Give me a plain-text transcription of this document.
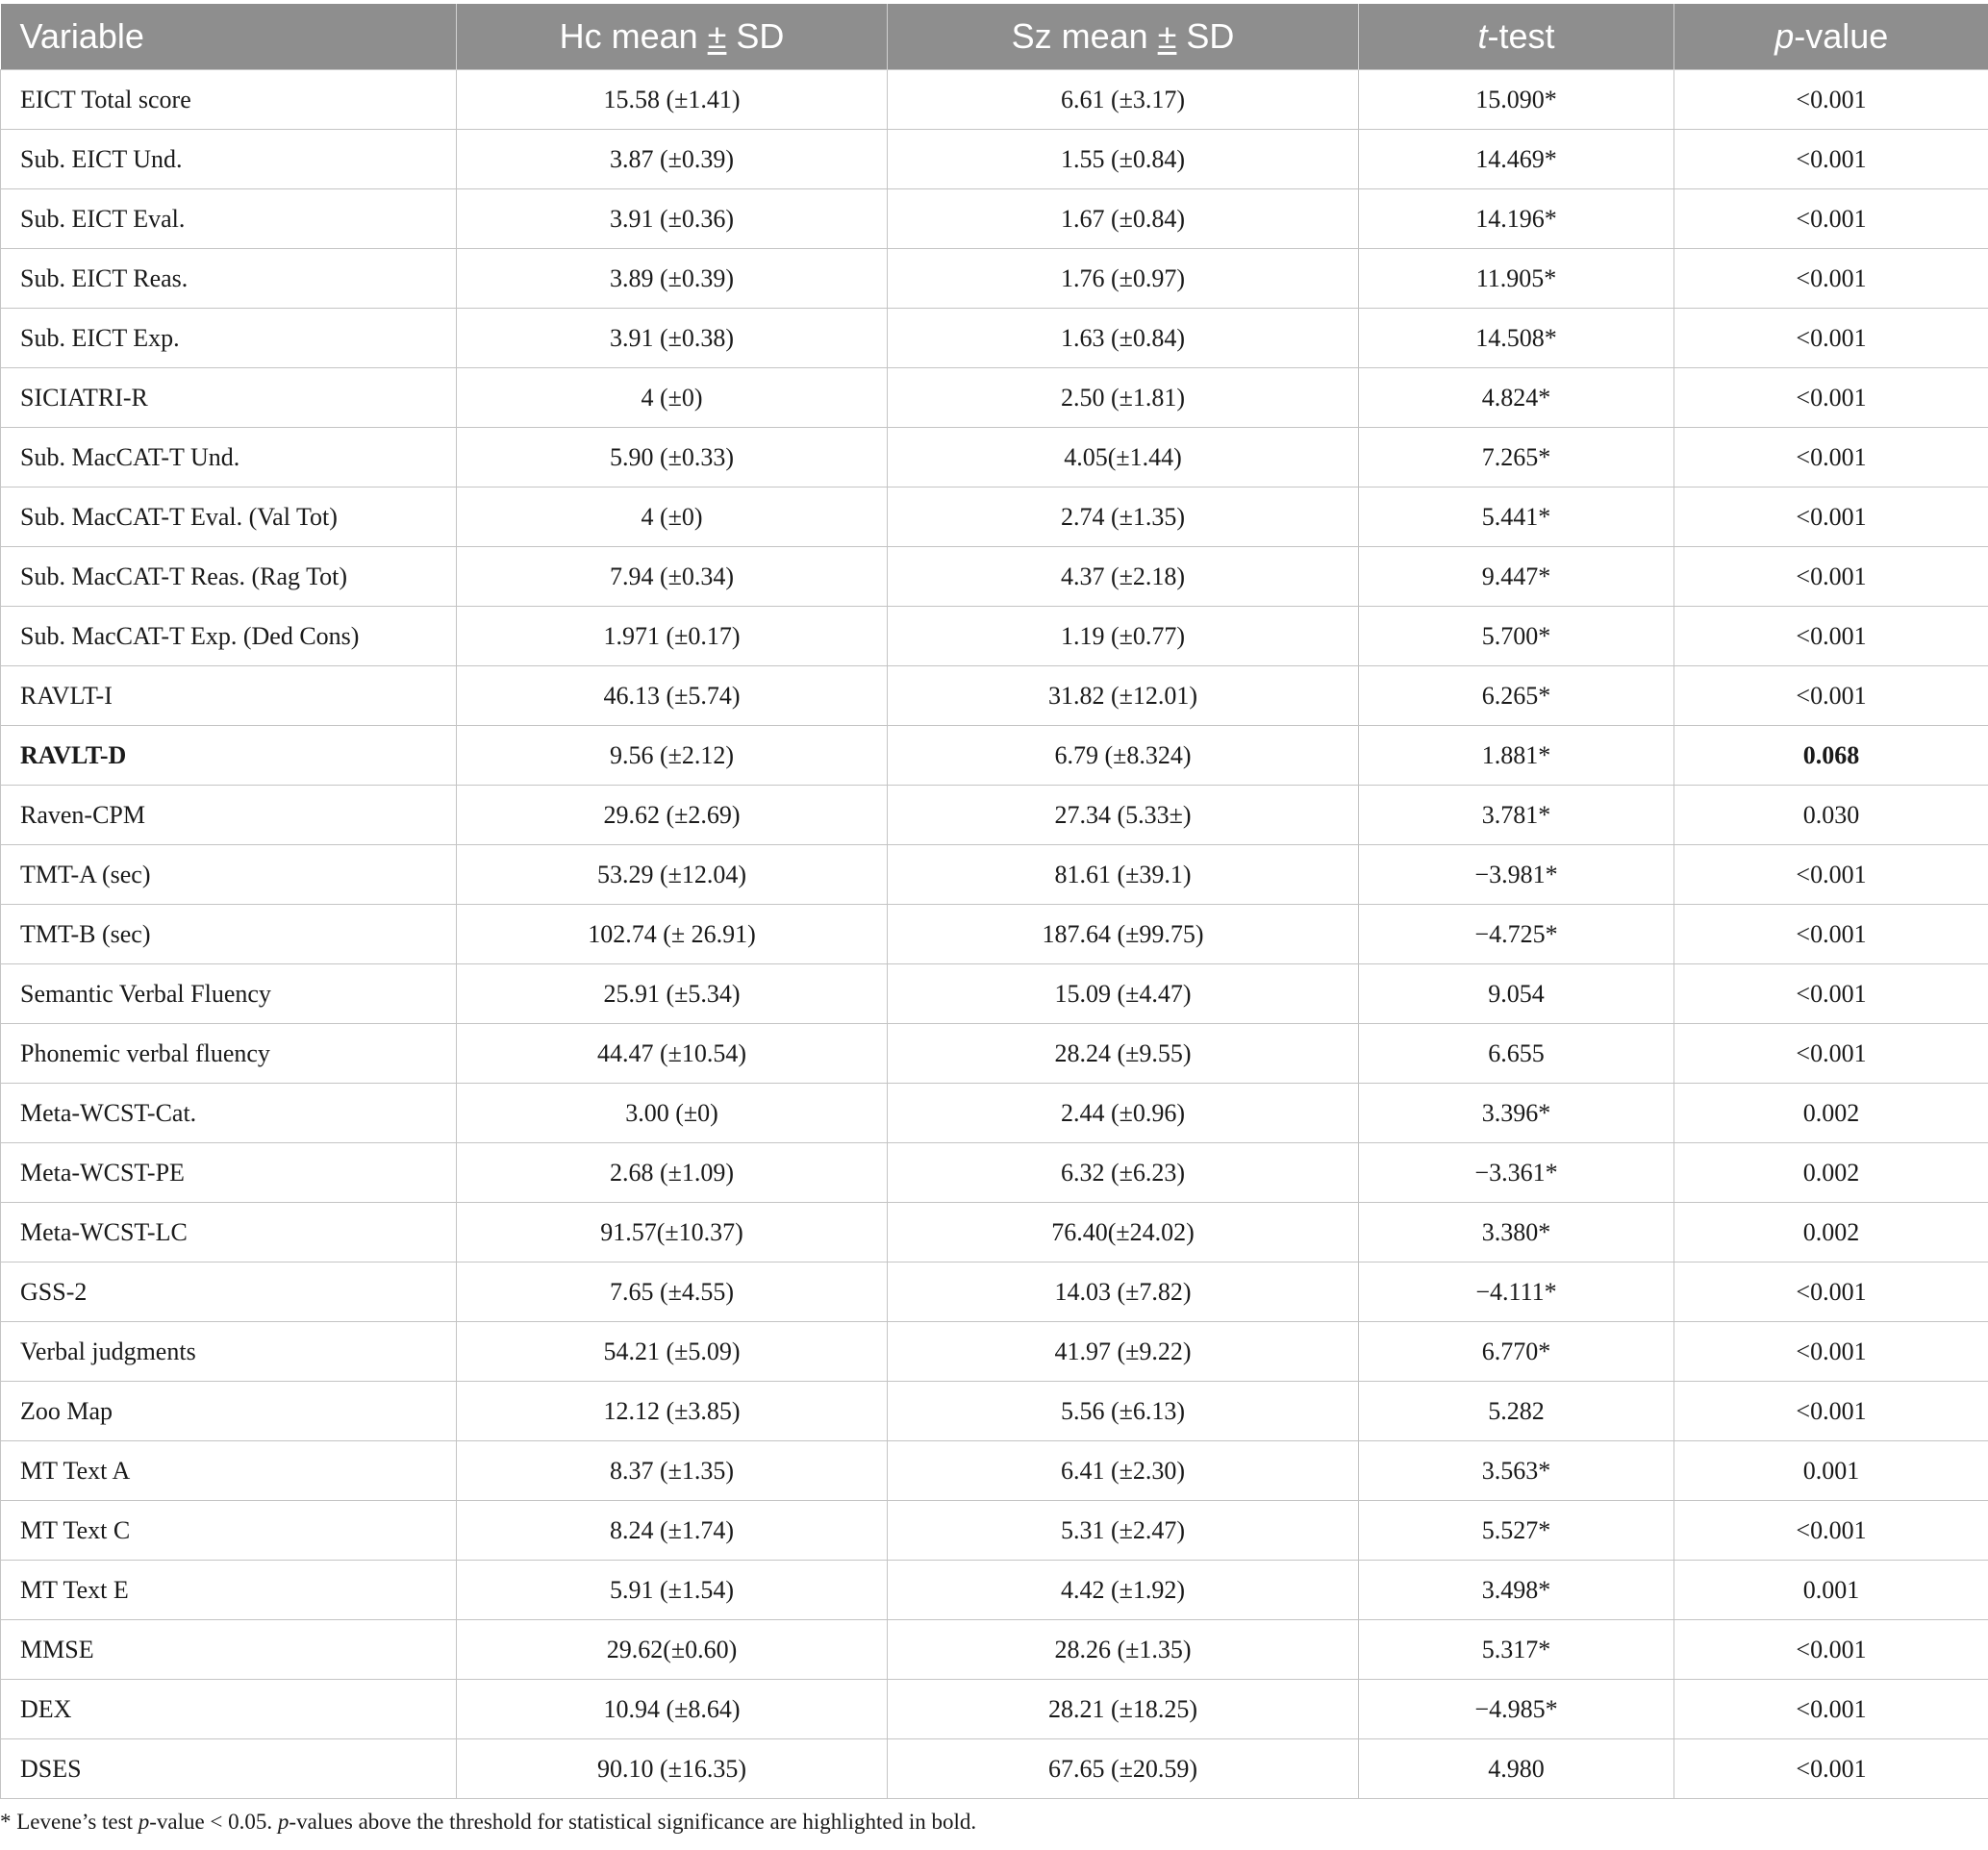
Variable	Hc mean ± SD	Sz mean ± SD	t-test	p-value
EICT Total score	15.58 (±1.41)	6.61 (±3.17)	15.090*	<0.001
Sub. EICT Und.	3.87 (±0.39)	1.55 (±0.84)	14.469*	<0.001
Sub. EICT Eval.	3.91 (±0.36)	1.67 (±0.84)	14.196*	<0.001
Sub. EICT Reas.	3.89 (±0.39)	1.76 (±0.97)	11.905*	<0.001
Sub. EICT Exp.	3.91 (±0.38)	1.63 (±0.84)	14.508*	<0.001
SICIATRI-R	4 (±0)	2.50 (±1.81)	4.824*	<0.001
Sub. MacCAT-T Und.	5.90 (±0.33)	4.05(±1.44)	7.265*	<0.001
Sub. MacCAT-T Eval. (Val Tot)	4 (±0)	2.74 (±1.35)	5.441*	<0.001
Sub. MacCAT-T Reas. (Rag Tot)	7.94 (±0.34)	4.37 (±2.18)	9.447*	<0.001
Sub. MacCAT-T Exp. (Ded Cons)	1.971 (±0.17)	1.19 (±0.77)	5.700*	<0.001
RAVLT-I	46.13 (±5.74)	31.82 (±12.01)	6.265*	<0.001
RAVLT-D	9.56 (±2.12)	6.79 (±8.324)	1.881*	0.068
Raven-CPM	29.62 (±2.69)	27.34 (5.33±)	3.781*	0.030
TMT-A (sec)	53.29 (±12.04)	81.61 (±39.1)	−3.981*	<0.001
TMT-B (sec)	102.74 (± 26.91)	187.64 (±99.75)	−4.725*	<0.001
Semantic Verbal Fluency	25.91 (±5.34)	15.09 (±4.47)	9.054	<0.001
Phonemic verbal fluency	44.47 (±10.54)	28.24 (±9.55)	6.655	<0.001
Meta-WCST-Cat.	3.00 (±0)	2.44 (±0.96)	3.396*	0.002
Meta-WCST-PE	2.68 (±1.09)	6.32 (±6.23)	−3.361*	0.002
Meta-WCST-LC	91.57(±10.37)	76.40(±24.02)	3.380*	0.002
GSS-2	7.65 (±4.55)	14.03 (±7.82)	−4.111*	<0.001
Verbal judgments	54.21 (±5.09)	41.97 (±9.22)	6.770*	<0.001
Zoo Map	12.12 (±3.85)	5.56 (±6.13)	5.282	<0.001
MT Text A	8.37 (±1.35)	6.41 (±2.30)	3.563*	0.001
MT Text C	8.24 (±1.74)	5.31 (±2.47)	5.527*	<0.001
MT Text E	5.91 (±1.54)	4.42 (±1.92)	3.498*	0.001
MMSE	29.62(±0.60)	28.26 (±1.35)	5.317*	<0.001
DEX	10.94 (±8.64)	28.21 (±18.25)	−4.985*	<0.001
DSES	90.10 (±16.35)	67.65 (±20.59)	4.980	<0.001
* Levene’s test p-value < 0.05. p-values above the threshold for statistical significance are highlighted in bold.
